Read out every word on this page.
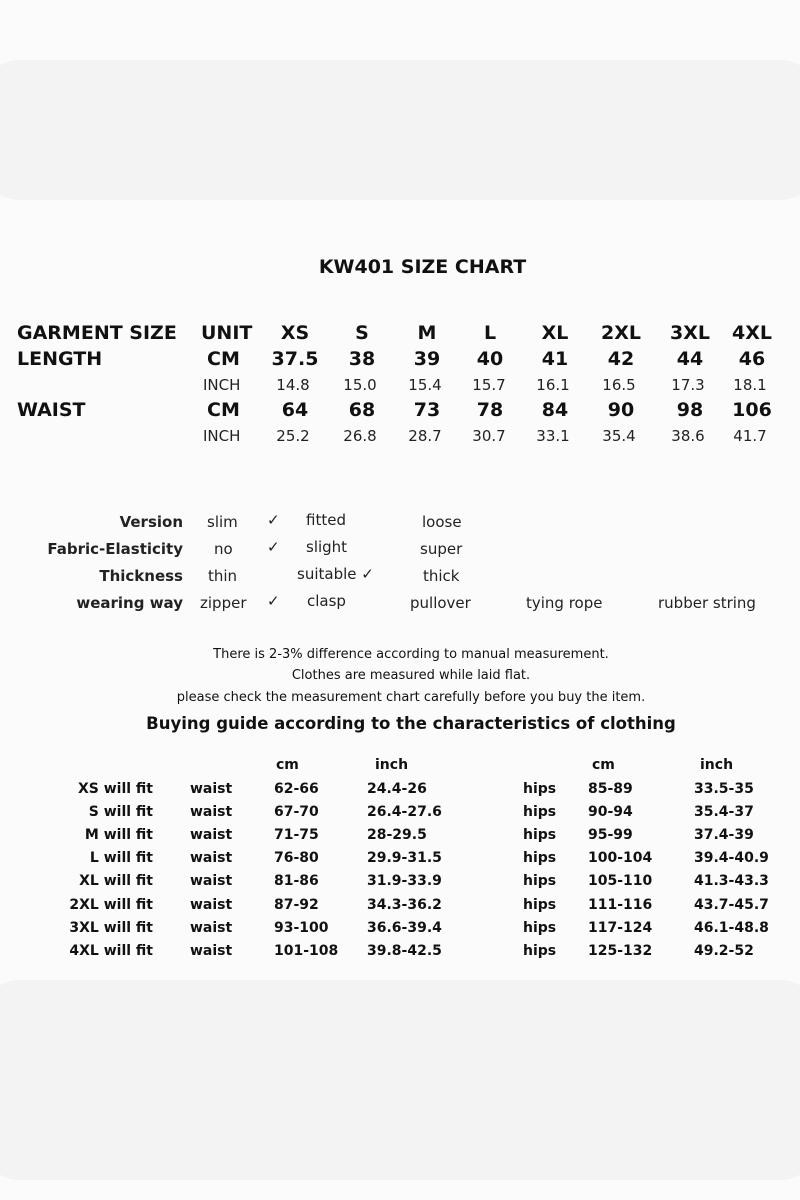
KW401 SIZE CHART
GARMENT SIZE UNIT	XS	S	M	L	XL	2XL	3XL	4XL
LENGTH	CM	37.5	38	39	40	41	42	44	46
INCH	14.8	15.0	15.4	15.7	16.1	16.5	17.3	18.1
WAIST	CM	64	68	73	78	84	90	98	106
INCH	25.2	26.8	28.7	30.7	33.1	35.4	38.6	41.7
Version slim ✓ fitted	loose
Fabric-Elasticity no ✓ slight	super
Thickness thin	suitable ✓	thick
wearing way zipper ✓ clasp	pullover	tying rope	rubber string
There is 2-3% difference according to manual measurement.
Clothes are measured while laid flat.
please check the measurement chart carefully before you buy the item.
Buying guide according to the characteristics of clothing
cm	inch	cm	inch
XS will fit	waist	62-66	24.4-26	hips 85-89	33.5-35
S will fit	waist	67-70	26.4-27.6	hips 90-94	35.4-37
M will fit	waist	71-75	28-29.5	hips 95-99	37.4-39
L will fit	waist	76-80	29.9-31.5	hips 100-104	39.4-40.9
XL will fit	waist	81-86	31.9-33.9	hips 105-110	41.3-43.3
2XL will fit	waist	87-92	34.3-36.2	hips 111-116	43.7-45.7
3XL will fit	waist	93-100	36.6-39.4	hips 117-124	46.1-48.8
4XL will fit	waist	101-108 39.8-42.5	hips 125-132	49.2-52
